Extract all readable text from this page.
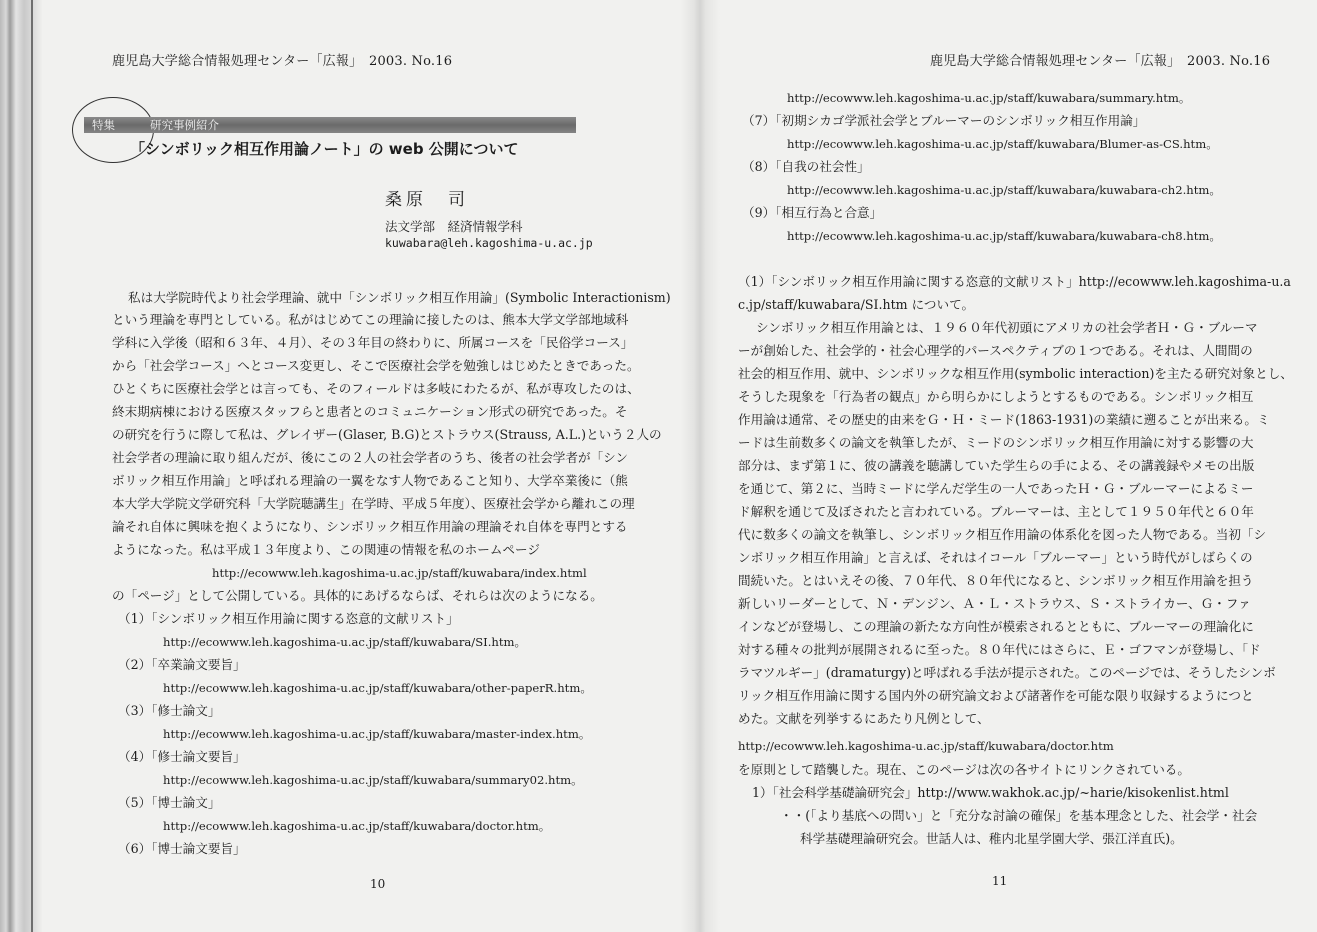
鹿児島大学総合情報処理センター「広報」　2003. No.16
特集	研究事例紹介
「シンボリック相互作用論ノート」の web 公開について
桑原　司
法文学部　経済情報学科
kuwabara@leh.kagoshima-u.ac.jp
私は大学院時代より社会学理論、就中「シンボリック相互作用論」(Symbolic Interactionism)
という理論を専門としている。私がはじめてこの理論に接したのは、熊本大学文学部地域科
学科に入学後（昭和６３年、４月）、その３年目の終わりに、所属コースを「民俗学コース」
から「社会学コース」へとコース変更し、そこで医療社会学を勉強しはじめたときであった。
ひとくちに医療社会学とは言っても、そのフィールドは多岐にわたるが、私が専攻したのは、
終末期病棟における医療スタッフらと患者とのコミュニケーション形式の研究であった。そ
の研究を行うに際して私は、グレイザー(Glaser, B.G)とストラウス(Strauss, A.L.)という２人の
社会学者の理論に取り組んだが、後にこの２人の社会学者のうち、後者の社会学者が「シン
ボリック相互作用論」と呼ばれる理論の一翼をなす人物であること知り、大学卒業後に（熊
本大学大学院文学研究科「大学院聴講生」在学時、平成５年度）、医療社会学から離れこの理
論それ自体に興味を抱くようになり、シンボリック相互作用論の理論それ自体を専門とする
ようになった。私は平成１３年度より、この関連の情報を私のホームページ
http://ecowww.leh.kagoshima-u.ac.jp/staff/kuwabara/index.html
の「ページ」として公開している。具体的にあげるならば、それらは次のようになる。
（1）「シンボリック相互作用論に関する恣意的文献リスト」
http://ecowww.leh.kagoshima-u.ac.jp/staff/kuwabara/SI.htm。
（2）「卒業論文要旨」
http://ecowww.leh.kagoshima-u.ac.jp/staff/kuwabara/other-paperR.htm。
（3）「修士論文」
http://ecowww.leh.kagoshima-u.ac.jp/staff/kuwabara/master-index.htm。
（4）「修士論文要旨」
http://ecowww.leh.kagoshima-u.ac.jp/staff/kuwabara/summary02.htm。
（5）「博士論文」
http://ecowww.leh.kagoshima-u.ac.jp/staff/kuwabara/doctor.htm。
（6）「博士論文要旨」
10
鹿児島大学総合情報処理センター「広報」　2003. No.16
http://ecowww.leh.kagoshima-u.ac.jp/staff/kuwabara/summary.htm。
（7）「初期シカゴ学派社会学とブルーマーのシンボリック相互作用論」
http://ecowww.leh.kagoshima-u.ac.jp/staff/kuwabara/Blumer-as-CS.htm。
（8）「自我の社会性」
http://ecowww.leh.kagoshima-u.ac.jp/staff/kuwabara/kuwabara-ch2.htm。
（9）「相互行為と合意」
http://ecowww.leh.kagoshima-u.ac.jp/staff/kuwabara/kuwabara-ch8.htm。
（1）「シンボリック相互作用論に関する恣意的文献リスト」http://ecowww.leh.kagoshima-u.a
c.jp/staff/kuwabara/SI.htm について。
シンボリック相互作用論とは、１９６０年代初頭にアメリカの社会学者Ｈ・Ｇ・ブルーマ
ーが創始した、社会学的・社会心理学的パースペクティブの１つである。それは、人間間の
社会的相互作用、就中、シンボリックな相互作用(symbolic interaction)を主たる研究対象とし、
そうした現象を「行為者の観点」から明らかにしようとするものである。シンボリック相互
作用論は通常、その歴史的由来をＧ・Ｈ・ミード(1863-1931)の業績に遡ることが出来る。ミ
ードは生前数多くの論文を執筆したが、ミードのシンボリック相互作用論に対する影響の大
部分は、まず第１に、彼の講義を聴講していた学生らの手による、その講義録やメモの出版
を通じて、第２に、当時ミードに学んだ学生の一人であったＨ・Ｇ・ブルーマーによるミー
ド解釈を通じて及ぼされたと言われている。ブルーマーは、主として１９５０年代と６０年
代に数多くの論文を執筆し、シンボリック相互作用論の体系化を図った人物である。当初「シ
ンボリック相互作用論」と言えば、それはイコール「ブルーマー」という時代がしばらくの
間続いた。とはいえその後、７０年代、８０年代になると、シンボリック相互作用論を担う
新しいリーダーとして、Ｎ・デンジン、Ａ・Ｌ・ストラウス、Ｓ・ストライカー、Ｇ・ファ
インなどが登場し、この理論の新たな方向性が模索されるとともに、ブルーマーの理論化に
対する種々の批判が展開されるに至った。８０年代にはさらに、Ｅ・ゴフマンが登場し、「ド
ラマツルギー」(dramaturgy)と呼ばれる手法が提示された。このページでは、そうしたシンボ
リック相互作用論に関する国内外の研究論文および諸著作を可能な限り収録するようにつと
めた。文献を列挙するにあたり凡例として、
http://ecowww.leh.kagoshima-u.ac.jp/staff/kuwabara/doctor.htm
を原則として踏襲した。現在、このページは次の各サイトにリンクされている。
1）「社会科学基礎論研究会」http://www.wakhok.ac.jp/~harie/kisokenlist.html
・・(「より基底への問い」と「充分な討論の確保」を基本理念とした、社会学・社会
科学基礎理論研究会。世話人は、稚内北星学園大学、張江洋直氏)。
11
